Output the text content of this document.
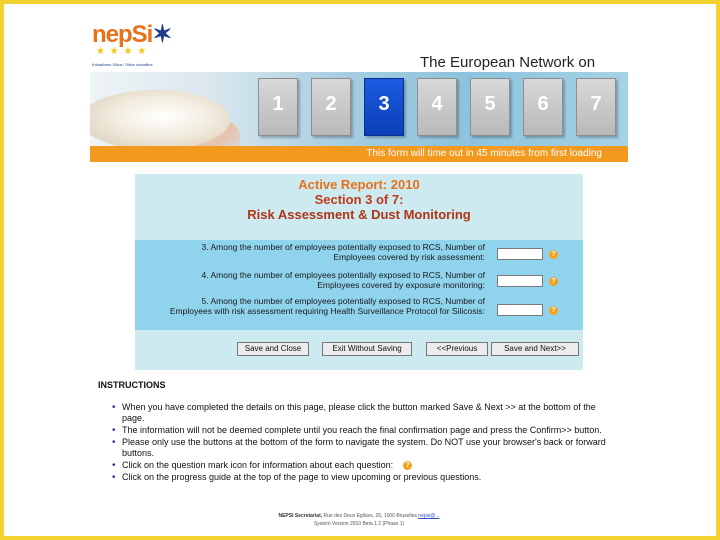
nepSi✶
★ ★ ★ ★
Kristallines Silica / Silice cristalline	The European Network on
1	2	3	4	5	6	7
This form will time out in 45 minutes from first loading
Active Report: 2010
Section 3 of 7:
Risk Assessment & Dust Monitoring
3. Among the number of employees potentially exposed to RCS, Number of Employees covered by risk assessment:	?
4. Among the number of employees potentially exposed to RCS, Number of Employees covered by exposure monitoring:	?
5. Among the number of employees potentially exposed to RCS, Number of Employees with risk assessment requiring Health Surveillance Protocol for Silicosis:	?
Save and Close	Exit Without Saving	<<Previous	Save and Next>>
INSTRUCTIONS
• When you have completed the details on this page, please click the button marked Save & Next >> at the bottom of the page.
• The information will not be deemed complete until you reach the final confirmation page and press the Confirm>> button.
• Please only use the buttons at the bottom of the form to navigate the system. Do NOT use your browser's back or forward buttons.
• Click on the question mark icon for information about each question: ?
• Click on the progress guide at the top of the page to view upcoming or previous questions.
NEPSI Secretariat, Rue des Deux Eglises, 26, 1000 Bruxelles nepsi@...
System Version 2010 Beta 1.2 (Phase 1)
